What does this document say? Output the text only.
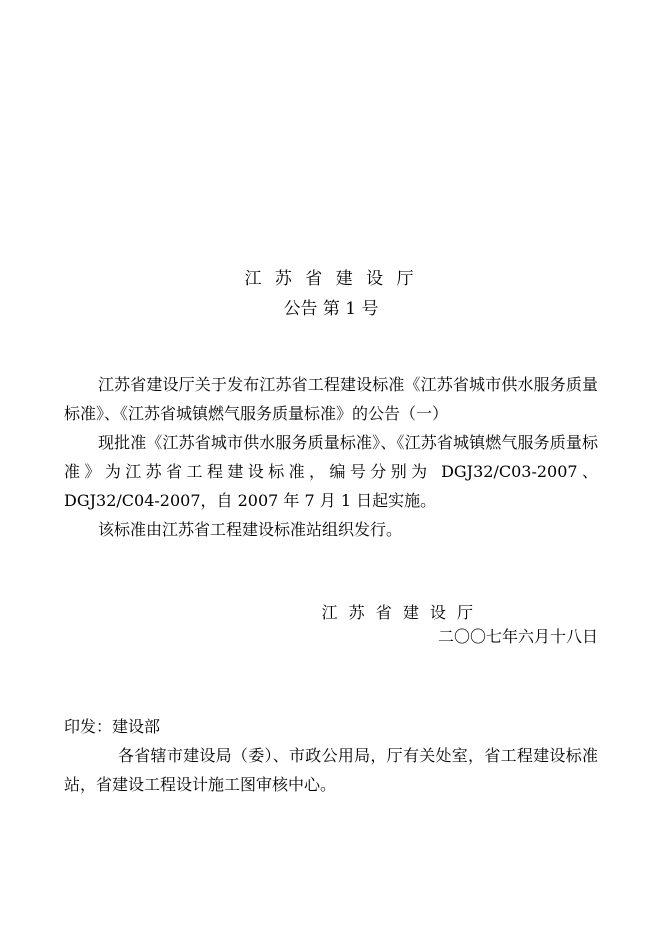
江 苏 省 建 设 厅
公告 第 1 号

江苏省建设厅关于发布江苏省工程建设标准《江苏省城市供水服务质量标准》、《江苏省城镇燃气服务质量标准》的公告（一）

现批准《江苏省城市供水服务质量标准》、《江苏省城镇燃气服务质量标准》为江苏省工程建设标准，编号分别为 DGJ32/C03-2007、DGJ32/C04-2007，自 2007 年 7 月 1 日起实施。

该标准由江苏省工程建设标准站组织发行。

江 苏 省 建 设 厅
二〇〇七年六月十八日

印发：建设部

各省辖市建设局（委）、市政公用局，厅有关处室，省工程建设标准站，省建设工程设计施工图审核中心。
